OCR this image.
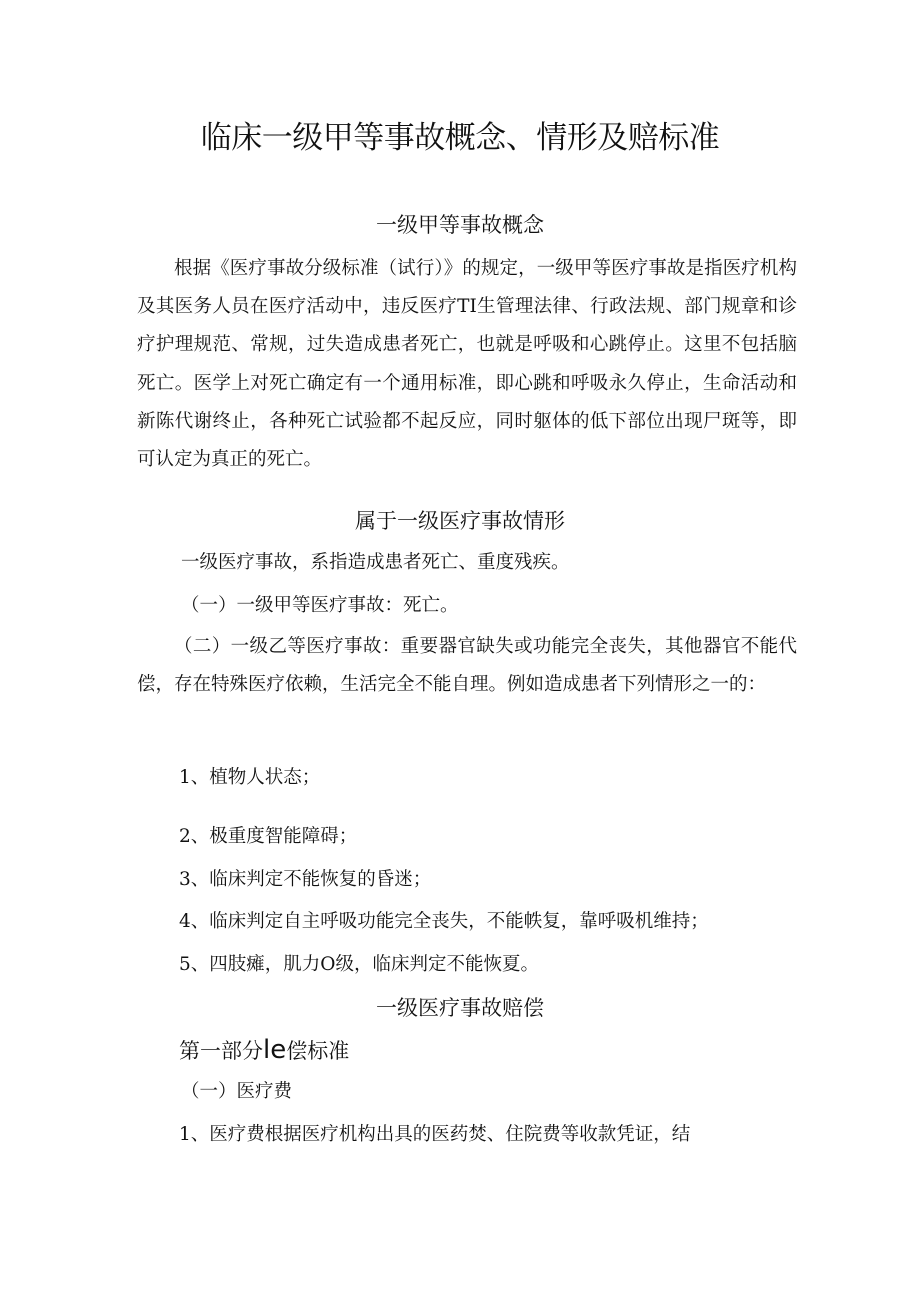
临床一级甲等事故概念、情形及赔标准
一级甲等事故概念
根据《医疗事故分级标准（试行）》的规定，一级甲等医疗事故是指医疗机构及其医务人员在医疗活动中，违反医疗TI生管理法律、行政法规、部门规章和诊疗护理规范、常规，过失造成患者死亡，也就是呼吸和心跳停止。这里不包括脑死亡。医学上对死亡确定有一个通用标准，即心跳和呼吸永久停止，生命活动和新陈代谢终止，各种死亡试验都不起反应，同时躯体的低下部位出现尸斑等，即可认定为真正的死亡。
属于一级医疗事故情形
一级医疗事故，系指造成患者死亡、重度残疾。
（一）一级甲等医疗事故：死亡。
（二）一级乙等医疗事故：重要器官缺失或功能完全丧失，其他器官不能代偿，存在特殊医疗依赖，生活完全不能自理。例如造成患者下列情形之一的：
1、植物人状态；
2、极重度智能障碍；
3、临床判定不能恢复的昏迷；
4、临床判定自主呼吸功能完全丧失，不能帙复，靠呼吸机维持；
5、四肢瘫，肌力O级，临床判定不能恢夏。
一级医疗事故赔偿
第一部分le偿标准
（一）医疗费
1、医疗费根据医疗机构出具的医药焚、住院费等收款凭证，结
